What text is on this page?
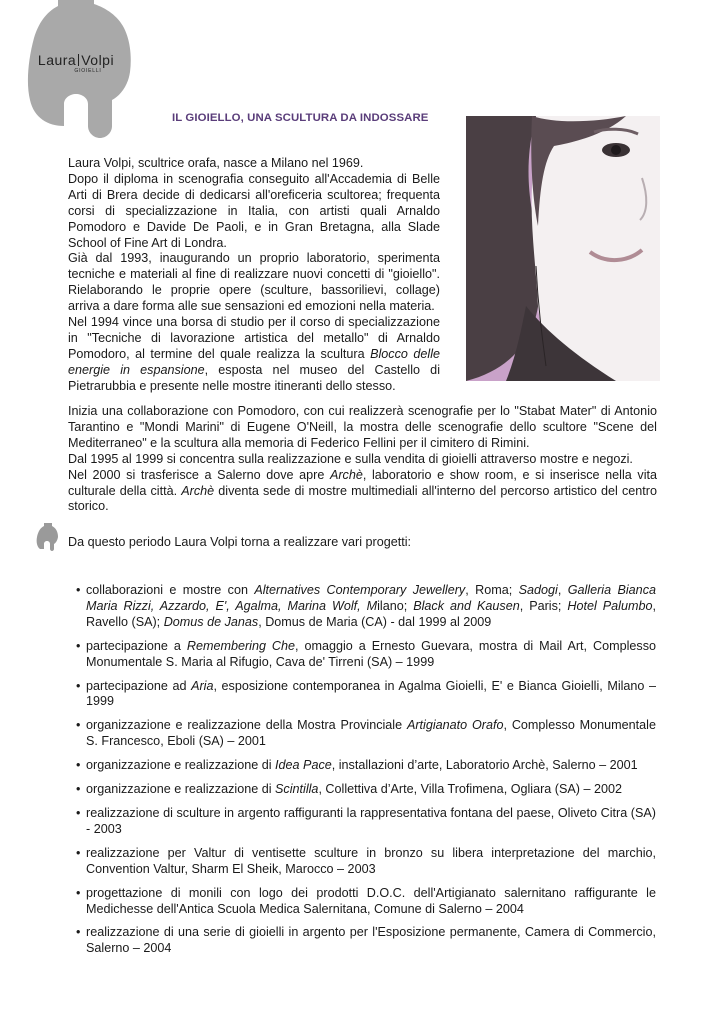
Laura Volpi
GIOIELLI
IL GIOIELLO, UNA SCULTURA DA INDOSSARE

Laura Volpi, scultrice orafa, nasce a Milano nel 1969.

Dopo il diploma in scenografia conseguito all'Accademia di Belle Arti di Brera decide di dedicarsi all'oreficeria scultorea; frequenta corsi di specializzazione in Italia, con artisti quali Arnaldo Pomodoro e Davide De Paoli, e in Gran Bretagna, alla Slade School of Fine Art di Londra.

Già dal 1993, inaugurando un proprio laboratorio, sperimenta tecniche e materiali al fine di realizzare nuovi concetti di "gioiello". Rielaborando le proprie opere (sculture, bassorilievi, collage) arriva a dare forma alle sue sensazioni ed emozioni nella materia.

Nel 1994 vince una borsa di studio per il corso di specializzazione in "Tecniche di lavorazione artistica del metallo" di Arnaldo Pomodoro, al termine del quale realizza la scultura Blocco delle energie in espansione, esposta nel museo del Castello di Pietrarubbia e presente nelle mostre itineranti dello stesso.

Inizia una collaborazione con Pomodoro, con cui realizzerà scenografie per lo "Stabat Mater" di Antonio Tarantino e "Mondi Marini" di Eugene O'Neill, la mostra delle scenografie dello scultore "Scene del Mediterraneo" e la scultura alla memoria di Federico Fellini per il cimitero di Rimini.

Dal 1995 al 1999 si concentra sulla realizzazione e sulla vendita di gioielli attraverso mostre e negozi.

Nel 2000 si trasferisce a Salerno dove apre Archè, laboratorio e show room, e si inserisce nella vita culturale della città. Archè diventa sede di mostre multimediali all'interno del percorso artistico del centro storico.

Da questo periodo Laura Volpi torna a realizzare vari progetti:
• collaborazioni e mostre con Alternatives Contemporary Jewellery, Roma; Sadogi, Galleria Bianca Maria Rizzi, Azzardo, E', Agalma, Marina Wolf, Milano; Black and Kausen, Paris; Hotel Palumbo, Ravello (SA); Domus de Janas, Domus de Maria (CA) - dal 1999 al 2009
• partecipazione a Remembering Che, omaggio a Ernesto Guevara, mostra di Mail Art, Complesso Monumentale S. Maria al Rifugio, Cava de' Tirreni (SA) – 1999
• partecipazione ad Aria, esposizione contemporanea in Agalma Gioielli, E' e Bianca Gioielli, Milano – 1999
• organizzazione e realizzazione della Mostra Provinciale Artigianato Orafo, Complesso Monumentale S. Francesco, Eboli (SA) – 2001
• organizzazione e realizzazione di Idea Pace, installazioni d’arte, Laboratorio Archè, Salerno – 2001
• organizzazione e realizzazione di Scintilla, Collettiva d’Arte, Villa Trofimena, Ogliara (SA) – 2002
• realizzazione di sculture in argento raffiguranti la rappresentativa fontana del paese, Oliveto Citra (SA) - 2003
• realizzazione per Valtur di ventisette sculture in bronzo su libera interpretazione del marchio, Convention Valtur, Sharm El Sheik, Marocco – 2003
• progettazione di monili con logo dei prodotti D.O.C. dell'Artigianato salernitano raffigurante le Medichesse dell'Antica Scuola Medica Salernitana, Comune di Salerno – 2004
• realizzazione di una serie di gioielli in argento per l'Esposizione permanente, Camera di Commercio, Salerno – 2004
